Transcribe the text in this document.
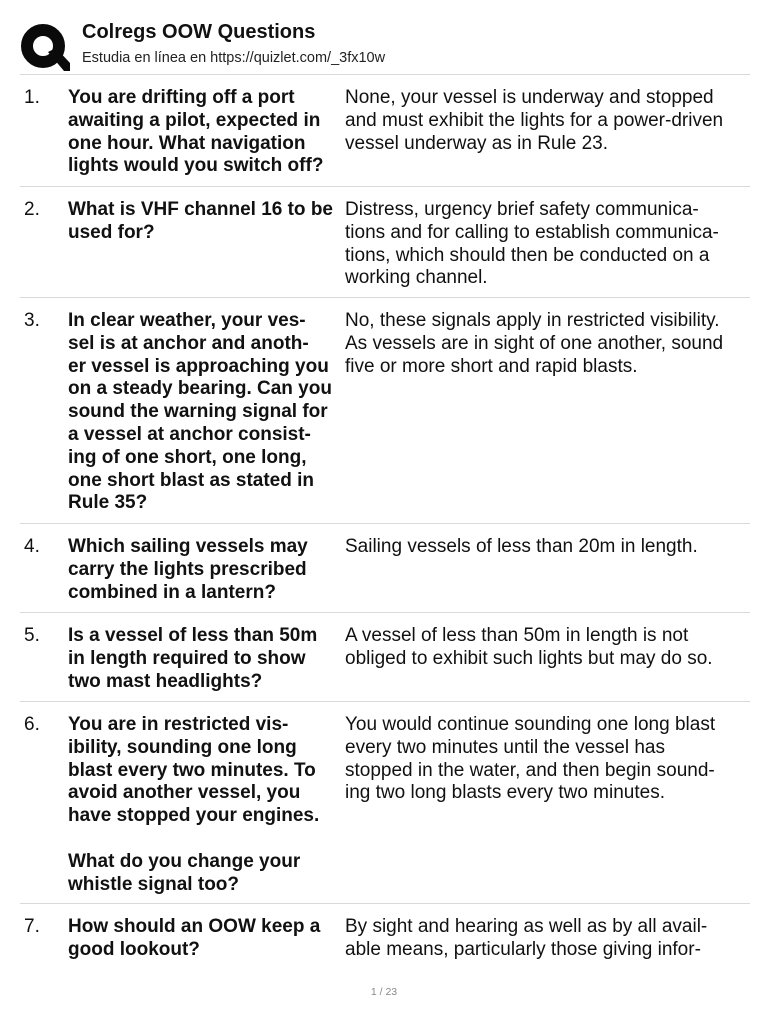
Colregs OOW Questions
Estudia en línea en https://quizlet.com/_3fx10w
1. You are drifting off a port

awaiting a pilot, expected in

one hour. What navigation

lights would you switch off?

None, your vessel is underway and stopped

and must exhibit the lights for a power-driven

vessel underway as in Rule 23.

2. What is VHF channel 16 to be

used for?

Distress, urgency brief safety communica-

tions and for calling to establish communica-

tions, which should then be conducted on a

working channel.

3. In clear weather, your ves-

sel is at anchor and anoth-

er vessel is approaching you

on a steady bearing. Can you

sound the warning signal for

a vessel at anchor consist-

ing of one short, one long,

one short blast as stated in

Rule 35?

No, these signals apply in restricted visibility.

As vessels are in sight of one another, sound

five or more short and rapid blasts.

4. Which sailing vessels may

carry the lights prescribed

combined in a lantern?

Sailing vessels of less than 20m in length.

5. Is a vessel of less than 50m

in length required to show

two mast headlights?

A vessel of less than 50m in length is not

obliged to exhibit such lights but may do so.

6. You are in restricted vis-

ibility, sounding one long

blast every two minutes. To

avoid another vessel, you

have stopped your engines.

What do you change your

whistle signal too?

You would continue sounding one long blast

every two minutes until the vessel has

stopped in the water, and then begin sound-

ing two long blasts every two minutes.

7. How should an OOW keep a

good lookout?

By sight and hearing as well as by all avail-

able means, particularly those giving infor-

1 / 23
